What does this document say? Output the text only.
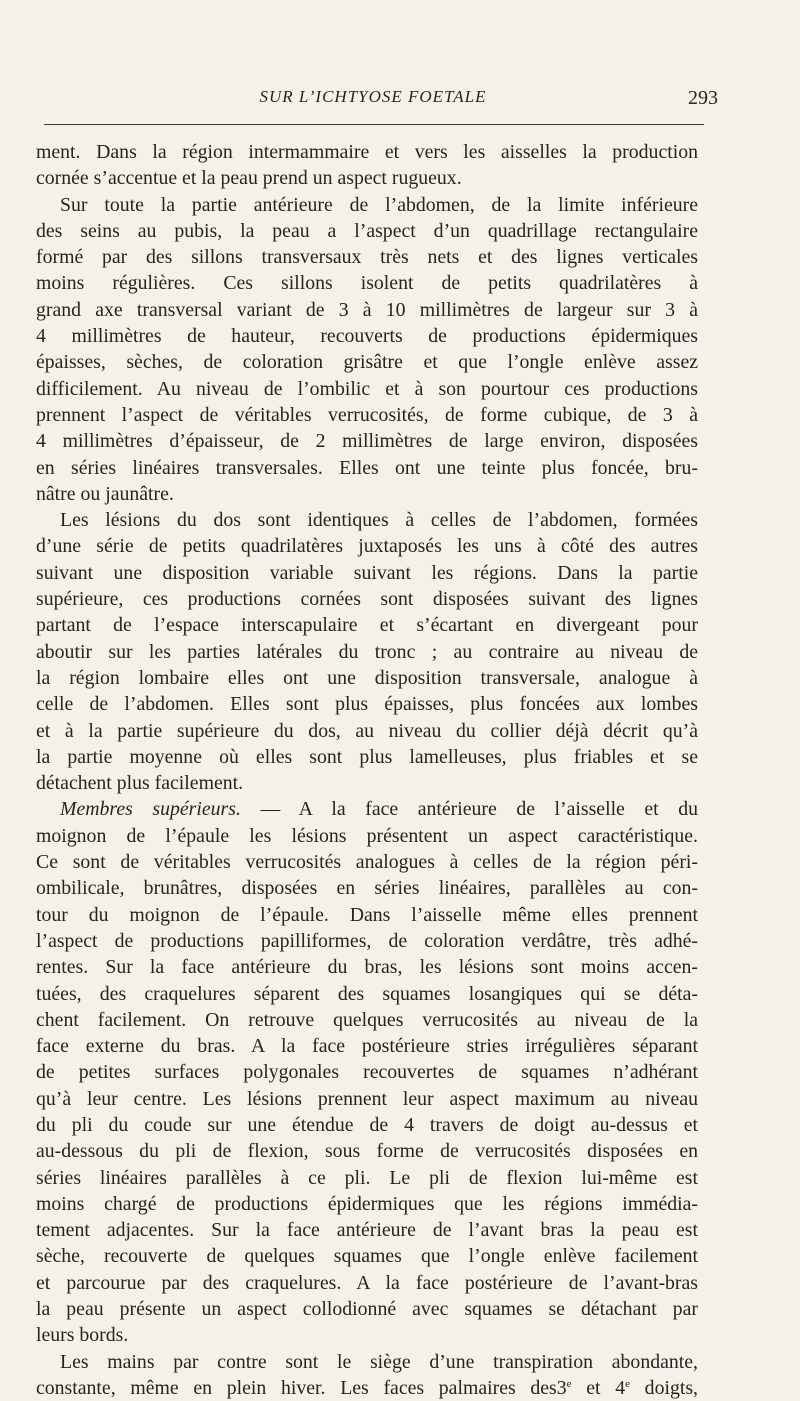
SUR L’ICHTYOSE FOETALE	293
ment. Dans la région intermammaire et vers les aisselles la production
cornée s’accentue et la peau prend un aspect rugueux.
Sur toute la partie antérieure de l’abdomen, de la limite inférieure
des seins au pubis, la peau a l’aspect d’un quadrillage rectangulaire
formé par des sillons transversaux très nets et des lignes verticales
moins régulières. Ces sillons isolent de petits quadrilatères à
grand axe transversal variant de 3 à 10 millimètres de largeur sur 3 à
4 millimètres de hauteur, recouverts de productions épidermiques
épaisses, sèches, de coloration grisâtre et que l’ongle enlève assez
difficilement. Au niveau de l’ombilic et à son pourtour ces productions
prennent l’aspect de véritables verrucosités, de forme cubique, de 3 à
4 millimètres d’épaisseur, de 2 millimètres de large environ, disposées
en séries linéaires transversales. Elles ont une teinte plus foncée, bru-
nâtre ou jaunâtre.
Les lésions du dos sont identiques à celles de l’abdomen, formées
d’une série de petits quadrilatères juxtaposés les uns à côté des autres
suivant une disposition variable suivant les régions. Dans la partie
supérieure, ces productions cornées sont disposées suivant des lignes
partant de l’espace interscapulaire et s’écartant en divergeant pour
aboutir sur les parties latérales du tronc ; au contraire au niveau de
la région lombaire elles ont une disposition transversale, analogue à
celle de l’abdomen. Elles sont plus épaisses, plus foncées aux lombes
et à la partie supérieure du dos, au niveau du collier déjà décrit qu’à
la partie moyenne où elles sont plus lamelleuses, plus friables et se
détachent plus facilement.
Membres supérieurs. — A la face antérieure de l’aisselle et du
moignon de l’épaule les lésions présentent un aspect caractéristique.
Ce sont de véritables verrucosités analogues à celles de la région péri-
ombilicale, brunâtres, disposées en séries linéaires, parallèles au con-
tour du moignon de l’épaule. Dans l’aisselle même elles prennent
l’aspect de productions papilliformes, de coloration verdâtre, très adhé-
rentes. Sur la face antérieure du bras, les lésions sont moins accen-
tuées, des craquelures séparent des squames losangiques qui se déta-
chent facilement. On retrouve quelques verrucosités au niveau de la
face externe du bras. A la face postérieure stries irrégulières séparant
de petites surfaces polygonales recouvertes de squames n’adhérant
qu’à leur centre. Les lésions prennent leur aspect maximum au niveau
du pli du coude sur une étendue de 4 travers de doigt au-dessus et
au-dessous du pli de flexion, sous forme de verrucosités disposées en
séries linéaires parallèles à ce pli. Le pli de flexion lui-même est
moins chargé de productions épidermiques que les régions immédia-
tement adjacentes. Sur la face antérieure de l’avant bras la peau est
sèche, recouverte de quelques squames que l’ongle enlève facilement
et parcourue par des craquelures. A la face postérieure de l’avant-bras
la peau présente un aspect collodionné avec squames se détachant par
leurs bords.
Les mains par contre sont le siège d’une transpiration abondante,
constante, même en plein hiver. Les faces palmaires des3e et 4e doigts,
